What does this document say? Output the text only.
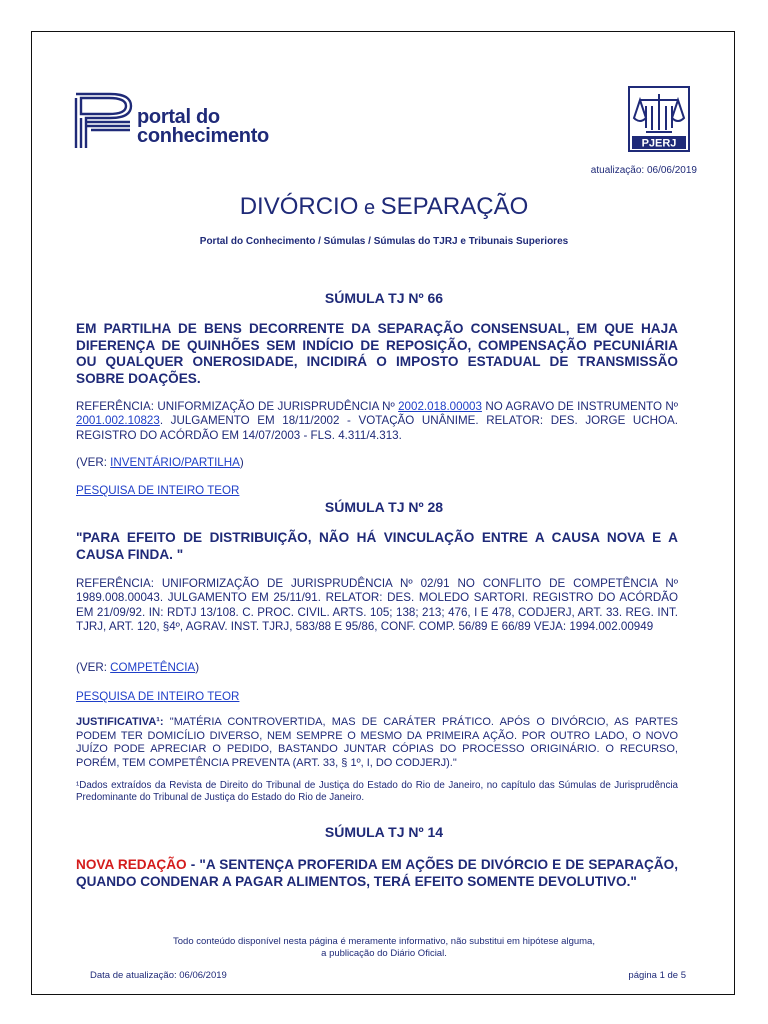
portal do
conhecimento	PJERJ
atualização: 06/06/2019
DIVÓRCIO e SEPARAÇÃO
Portal do Conhecimento / Súmulas / Súmulas do TJRJ e Tribunais Superiores
SÚMULA TJ Nº 66
EM PARTILHA DE BENS DECORRENTE DA SEPARAÇÃO CONSENSUAL, EM QUE HAJA DIFERENÇA DE QUINHÕES SEM INDÍCIO DE REPOSIÇÃO, COMPENSAÇÃO PECUNIÁRIA OU QUALQUER ONEROSIDADE, INCIDIRÁ O IMPOSTO ESTADUAL DE TRANSMISSÃO SOBRE DOAÇÕES.
REFERÊNCIA: UNIFORMIZAÇÃO DE JURISPRUDÊNCIA Nº 2002.018.00003 NO AGRAVO DE INSTRUMENTO Nº 2001.002.10823. JULGAMENTO EM 18/11/2002 - VOTAÇÃO UNÂNIME. RELATOR: DES. JORGE UCHOA. REGISTRO DO ACÓRDÃO EM 14/07/2003 - FLS. 4.311/4.313.
(VER: INVENTÁRIO/PARTILHA)
PESQUISA DE INTEIRO TEOR
SÚMULA TJ Nº 28
"PARA EFEITO DE DISTRIBUIÇÃO, NÃO HÁ VINCULAÇÃO ENTRE A CAUSA NOVA E A CAUSA FINDA. "
REFERÊNCIA: UNIFORMIZAÇÃO DE JURISPRUDÊNCIA Nº 02/91 NO CONFLITO DE COMPETÊNCIA Nº 1989.008.00043. JULGAMENTO EM 25/11/91. RELATOR: DES. MOLEDO SARTORI. REGISTRO DO ACÓRDÃO EM 21/09/92. IN: RDTJ 13/108. C. PROC. CIVIL. ARTS. 105; 138; 213; 476, I E 478, CODJERJ, ART. 33. REG. INT. TJRJ, ART. 120, §4º, AGRAV. INST. TJRJ, 583/88 E 95/86, CONF. COMP. 56/89 E 66/89 VEJA: 1994.002.00949
(VER: COMPETÊNCIA)
PESQUISA DE INTEIRO TEOR
JUSTIFICATIVA¹: "MATÉRIA CONTROVERTIDA, MAS DE CARÁTER PRÁTICO. APÓS O DIVÓRCIO, AS PARTES PODEM TER DOMICÍLIO DIVERSO, NEM SEMPRE O MESMO DA PRIMEIRA AÇÃO. POR OUTRO LADO, O NOVO JUÍZO PODE APRECIAR O PEDIDO, BASTANDO JUNTAR CÓPIAS DO PROCESSO ORIGINÁRIO. O RECURSO, PORÉM, TEM COMPETÊNCIA PREVENTA (ART. 33, § 1º, I, DO CODJERJ)."
¹Dados extraídos da Revista de Direito do Tribunal de Justiça do Estado do Rio de Janeiro, no capítulo das Súmulas de Jurisprudência Predominante do Tribunal de Justiça do Estado do Rio de Janeiro.
SÚMULA TJ Nº 14
NOVA REDAÇÃO - "A SENTENÇA PROFERIDA EM AÇÕES DE DIVÓRCIO E DE SEPARAÇÃO, QUANDO CONDENAR A PAGAR ALIMENTOS, TERÁ EFEITO SOMENTE DEVOLUTIVO."
Todo conteúdo disponível nesta página é meramente informativo, não substitui em hipótese alguma,
a publicação do Diário Oficial.
Data de atualização: 06/06/2019	página 1 de 5
